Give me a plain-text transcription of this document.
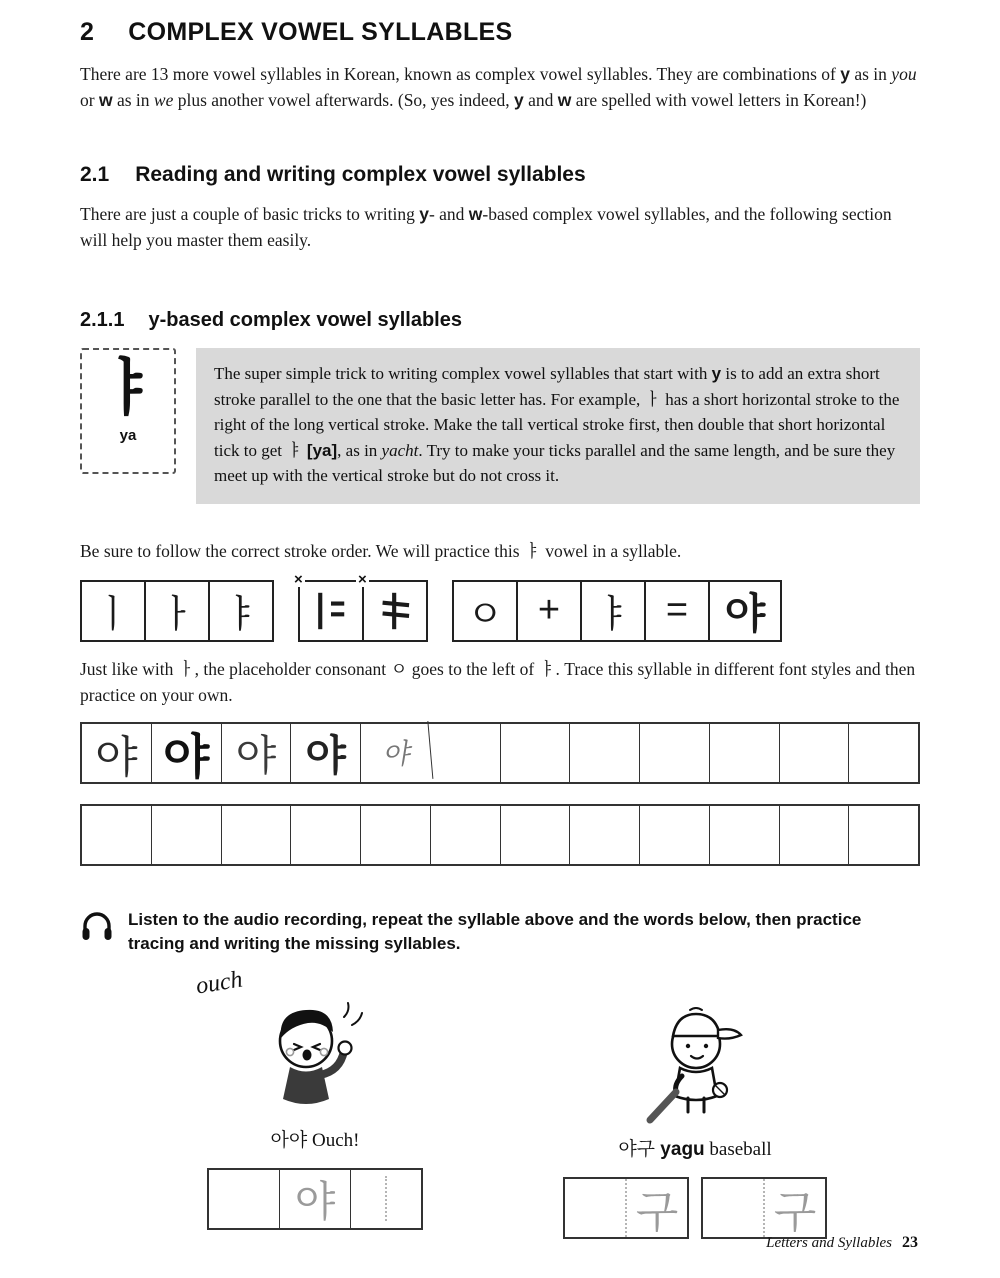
2 COMPLEX VOWEL SYLLABLES

There are 13 more vowel syllables in Korean, known as complex vowel syllables. They are combinations of y as in you or w as in we plus another vowel afterwards. (So, yes indeed, y and w are spelled with vowel letters in Korean!)

2.1 Reading and writing complex vowel syllables

There are just a couple of basic tricks to writing y- and w-based complex vowel syllables, and the following section will help you master them easily.

2.1.1 y-based complex vowel syllables
ㅑ
ya
The super simple trick to writing complex vowel syllables that start with y is to add an extra short stroke parallel to the one that the basic letter has. For example, ㅏ has a short horizontal stroke to the right of the long vertical stroke. Make the tall vertical stroke first, then double that short horizontal tick to get ㅑ [ya], as in yacht. Try to make your ticks parallel and the same length, and be sure they meet up with the vertical stroke but do not cross it.

Be sure to follow the correct stroke order. We will practice this ㅑ vowel in a syllable.

ㅣ ㅏ ㅑ
×	×
ㅇ + ㅑ = 야

Just like with ㅏ, the placeholder consonant ㅇ goes to the left of ㅑ. Trace this syllable in different font styles and then practice on your own.

야 야 야 야	야

Listen to the audio recording, repeat the syllable above and the words below, then practice tracing and writing the missing syllables.

ouch

아야 Ouch!

야

야구 yagu baseball

구 구
Letters and Syllables 23
